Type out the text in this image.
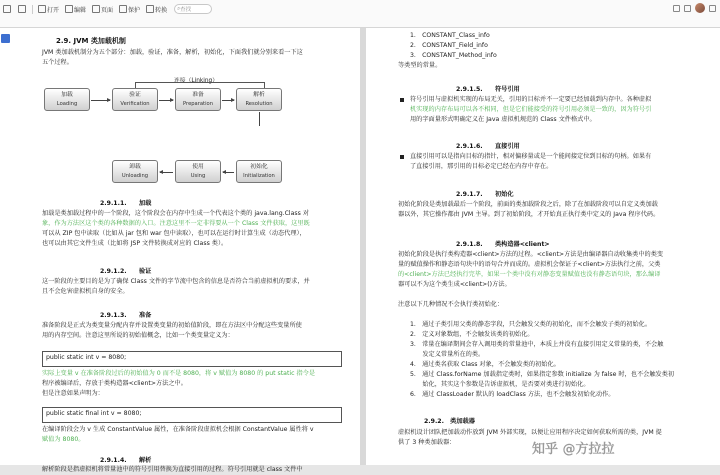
打开	编辑	页面	保护	转换 ⌕ 查找
2.9. JVM 类加载机制
JVM 类加载机制分为五个部分：加载，验证，准备，解析，初始化，下面我们就分别来看一下这
五个过程。
连接（Linking）
加载
Loading
验证
Verification
准备
Preparation
解析
Resolution
卸载
Unloading
使用
Using
初始化
Initialization
2.9.1.1.　　加载
加载是类加载过程中的一个阶段，这个阶段会在内存中生成一个代表这个类的 java.lang.Class 对
象，作为方法区这个类的各种数据的入口。注意这里不一定非得要从一个 Class 文件获取，这里既
可以从 ZIP 包中读取（比如从 jar 包和 war 包中读取），也可以在运行时计算生成（动态代理），
也可以由其它文件生成（比如将 JSP 文件转换成对应的 Class 类）。
2.9.1.2.　　验证
这一阶段的主要目的是为了确保 Class 文件的字节流中包含的信息是否符合当前虚拟机的要求，并
且不会危害虚拟机自身的安全。
2.9.1.3.　　准备
准备阶段是正式为类变量分配内存并设置类变量的初始值阶段，即在方法区中分配这些变量所使
用的内存空间。注意这里所说的初始值概念，比如一个类变量定义为：
public static int v = 8080;
实际上变量 v 在准备阶段过后的初始值为 0 而不是 8080，将 v 赋值为 8080 的 put static 指令是
程序被编译后，存放于类构造器<client>方法之中。
但是注意如果声明为：
public static final int v = 8080;
在编译阶段会为 v 生成 ConstantValue 属性，在准备阶段虚拟机会根据 ConstantValue 属性将 v
赋值为 8080。
2.9.1.4.　　解析
解析阶段是指虚拟机将常量池中的符号引用替换为直接引用的过程。符号引用就是 class 文件中
1.　CONSTANT_Class_info
2.　CONSTANT_Field_info
3.　CONSTANT_Method_info
等类型的常量。
2.9.1.5.　　符号引用
符号引用与虚拟机实现的布局无关，引用的目标并不一定要已经加载到内存中。各种虚拟
机实现的内存布局可以各不相同，但是它们能接受的符号引用必须是一致的，因为符号引
用的字面量形式明确定义在 Java 虚拟机规范的 Class 文件格式中。
2.9.1.6.　　直接引用
直接引用可以是指向目标的指针，相对偏移量或是一个能间接定位到目标的句柄。如果有
了直接引用，那引用的目标必定已经在内存中存在。
2.9.1.7.　　初始化
初始化阶段是类加载最后一个阶段，前面的类加载阶段之后，除了在加载阶段可以自定义类加载
器以外，其它操作都由 JVM 主导。到了初始阶段，才开始真正执行类中定义的 Java 程序代码。
2.9.1.8.　　类构造器<client>
初始化阶段是执行类构造器<client>方法的过程。<client>方法是由编译器自动收集类中的类变
量的赋值操作和静态语句块中的语句合并而成的。虚拟机会保证子<client>方法执行之前，父类
的<client>方法已经执行完毕，如果一个类中没有对静态变量赋值也没有静态语句块，那么编译
器可以不为这个类生成<client>()方法。
注意以下几种情况不会执行类初始化：
1.　通过子类引用父类的静态字段，只会触发父类的初始化，而不会触发子类的初始化。
2.　定义对象数组，不会触发该类的初始化。
3.　常量在编译期间会存入调用类的常量池中，本质上并没有直接引用定义常量的类，不会触
　　发定义常量所在的类。
4.　通过类名获取 Class 对象，不会触发类的初始化。
5.　通过 Class.forName 加载指定类时，如果指定参数 initialize 为 false 时，也不会触发类初
　　始化，其实这个参数是告诉虚拟机，是否要对类进行初始化。
6.　通过 ClassLoader 默认的 loadClass 方法，也不会触发初始化动作。
2.9.2.　类加载器
虚拟机设计团队把加载动作放到 JVM 外部实现，以便让应用程序决定如何获取所需的类，JVM 提
供了 3 种类加载器：	知乎 @方拉拉
